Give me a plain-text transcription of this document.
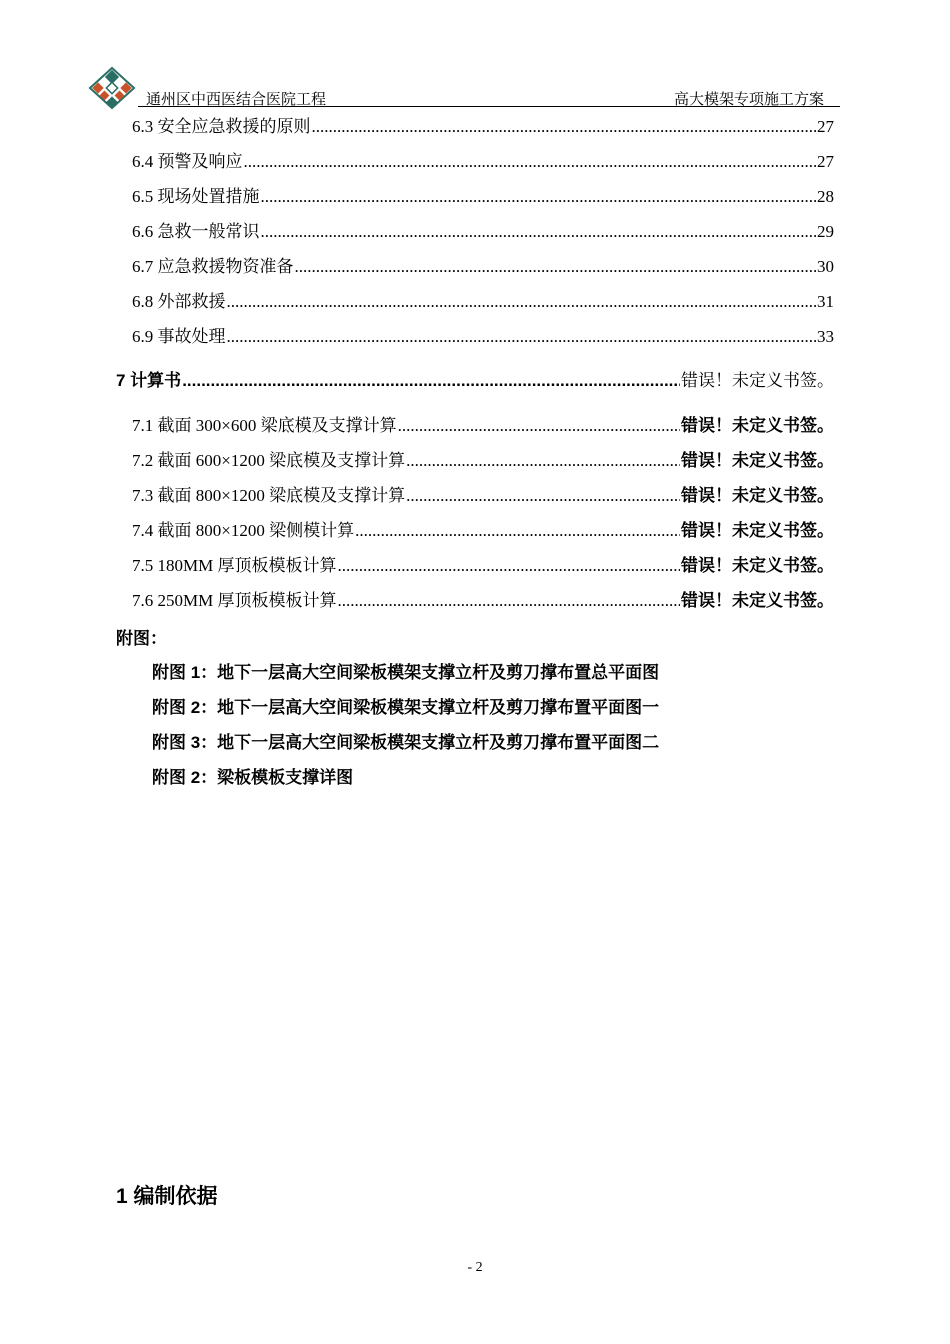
通州区中西医结合医院工程	高大模架专项施工方案
6.3 安全应急救援的原则 .....	27
6.4 预警及响应 .....	27
6.5 现场处置措施 .....	28
6.6 急救一般常识 .....	29
6.7 应急救援物资准备 .....	30
6.8 外部救援 .....	31
6.9 事故处理 .....	33
7 计算书 .....	错误！未定义书签。
7.1 截面 300×600 梁底模及支撑计算 .....	错误！未定义书签。
7.2 截面 600×1200 梁底模及支撑计算 .....	错误！未定义书签。
7.3 截面 800×1200 梁底模及支撑计算 .....	错误！未定义书签。
7.4 截面 800×1200 梁侧模计算 .....	错误！未定义书签。
7.5 180MM 厚顶板模板计算 .....	错误！未定义书签。
7.6 250MM 厚顶板模板计算 .....	错误！未定义书签。
附图：
附图 1：地下一层高大空间梁板模架支撑立杆及剪刀撑布置总平面图
附图 2：地下一层高大空间梁板模架支撑立杆及剪刀撑布置平面图一
附图 3：地下一层高大空间梁板模架支撑立杆及剪刀撑布置平面图二
附图 2：梁板模板支撑详图
1 编制依据
- 2
